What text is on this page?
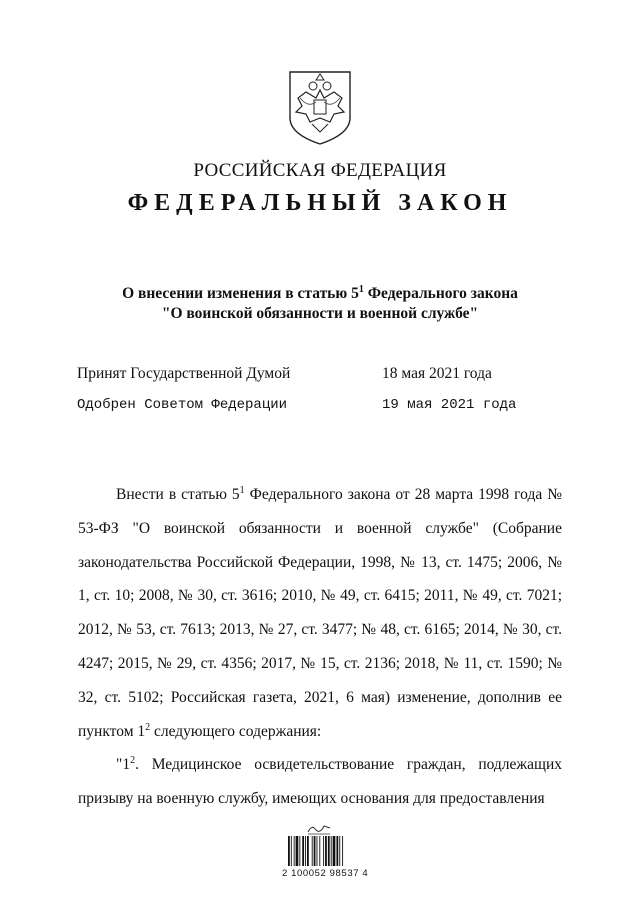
РОССИЙСКАЯ ФЕДЕРАЦИЯ
ФЕДЕРАЛЬНЫЙ ЗАКОН
О внесении изменения в статью $5^1$ Федерального закона
"О воинской обязанности и военной службе"
Принят Государственной Думой	18 мая 2021 года
Одобрен Советом Федерации	19 мая 2021 года

Внести в статью $5^1$ Федерального закона от 28 марта 1998 года № 53-ФЗ "О воинской обязанности и военной службе" (Собрание законодательства Российской Федерации, 1998, № 13, ст. 1475; 2006, № 1, ст. 10; 2008, № 30, ст. 3616; 2010, № 49, ст. 6415; 2011, № 49, ст. 7021; 2012, № 53, ст. 7613; 2013, № 27, ст. 3477; № 48, ст. 6165; 2014, № 30, ст. 4247; 2015, № 29, ст. 4356; 2017, № 15, ст. 2136; 2018, № 11, ст. 1590; № 32, ст. 5102; Российская газета, 2021, 6 мая) изменение, дополнив ее пунктом $1^2$ следующего содержания:

"$1^2$. Медицинское освидетельствование граждан, подлежащих призыву на военную службу, имеющих основания для предоставления

2 100052 98537 4
